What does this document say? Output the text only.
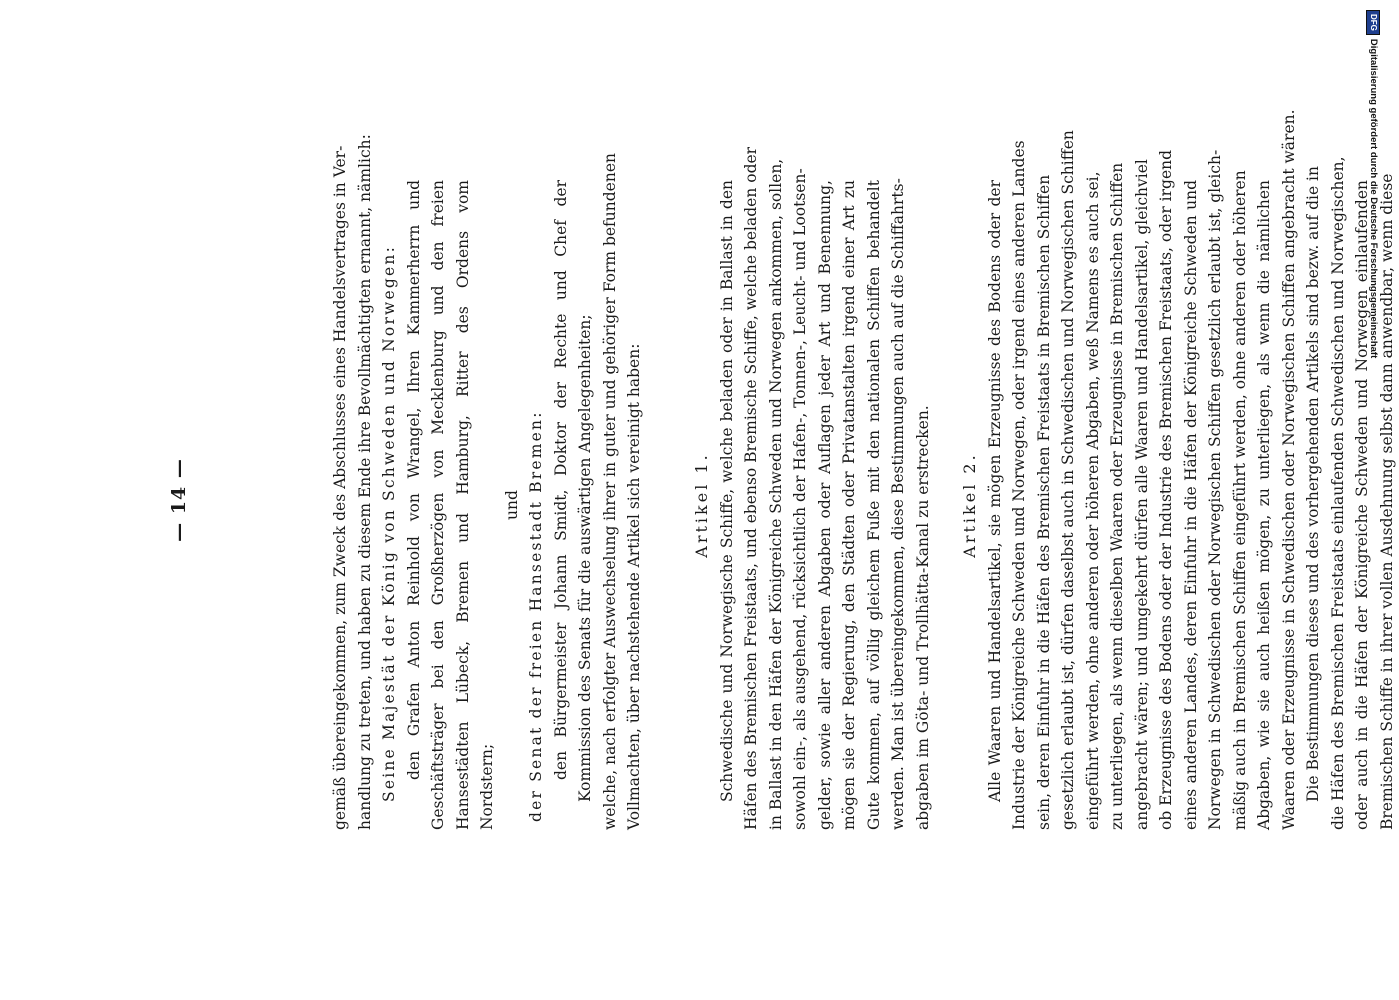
— 14 —	gemäß übereingekommen, zum Zweck des Abschlusses eines Handelsvertrages in Ver- handlung zu treten, und haben zu diesem Ende ihre Bevollmächtigten ernannt, nämlich: Seine Majestät der König von Schweden und Norwegen: den Grafen Anton Reinhold von Wrangel, Ihren Kammerherrn und Geschäftsträger bei den Großherzögen von Mecklenburg und den freien Hansestädten Lübeck, Bremen und Hamburg, Ritter des Ordens vom Nordstern;
und der Senat der freien Hansestadt Bremen: den Bürgermeister Johann Smidt, Doktor der Rechte und Chef der Kommission des Senats für die auswärtigen Angelegenheiten; welche, nach erfolgter Auswechselung ihrer in guter und gehöriger Form befundenen Vollmachten, über nachstehende Artikel sich vereinigt haben:	Artikel 1. Schwedische und Norwegische Schiffe, welche beladen oder in Ballast in den Häfen des Bremischen Freistaats, und ebenso Bremische Schiffe, welche beladen oder in Ballast in den Häfen der Königreiche Schweden und Norwegen ankommen, sollen, sowohl ein-, als ausgehend, rücksichtlich der Hafen-, Tonnen-, Leucht- und Lootsen- gelder, sowie aller anderen Abgaben oder Auflagen jeder Art und Benennung, mögen sie der Regierung, den Städten oder Privatanstalten irgend einer Art zu Gute kommen, auf völlig gleichem Fuße mit den nationalen Schiffen behandelt werden. Man ist übereingekommen, diese Bestimmungen auch auf die Schiffahrts- abgaben im Göta- und Trollhätta-Kanal zu erstrecken. Artikel 2. Alle Waaren und Handelsartikel, sie mögen Erzeugnisse des Bodens oder der Industrie der Königreiche Schweden und Norwegen, oder irgend eines anderen Landes sein, deren Einfuhr in die Häfen des Bremischen Freistaats in Bremischen Schiffen gesetzlich erlaubt ist, dürfen daselbst auch in Schwedischen und Norwegischen Schiffen eingeführt werden, ohne anderen oder höheren Abgaben, weß Namens es auch sei, zu unterliegen, als wenn dieselben Waaren oder Erzeugnisse in Bremischen Schiffen angebracht wären; und umgekehrt dürfen alle Waaren und Handelsartikel, gleichviel ob Erzeugnisse des Bodens oder der Industrie des Bremischen Freistaats, oder irgend eines anderen Landes, deren Einfuhr in die Häfen der Königreiche Schweden und Norwegen in Schwedischen oder Norwegischen Schiffen gesetzlich erlaubt ist, gleich- mäßig auch in Bremischen Schiffen eingeführt werden, ohne anderen oder höheren Abgaben, wie sie auch heißen mögen, zu unterliegen, als wenn die nämlichen Waaren oder Erzeugnisse in Schwedischen oder Norwegischen Schiffen angebracht wären. Die Bestimmungen dieses und des vorhergehenden Artikels sind bezw. auf die in die Häfen des Bremischen Freistaats einlaufenden Schwedischen und Norwegischen, oder auch in die Häfen der Königreiche Schweden und Norwegen einlaufenden Bremischen Schiffe in ihrer vollen Ausdehnung selbst dann anwendbar, wenn diese
DFG
Digitalisierung gefördert durch die Deutsche Forschungsgemeinschaft
